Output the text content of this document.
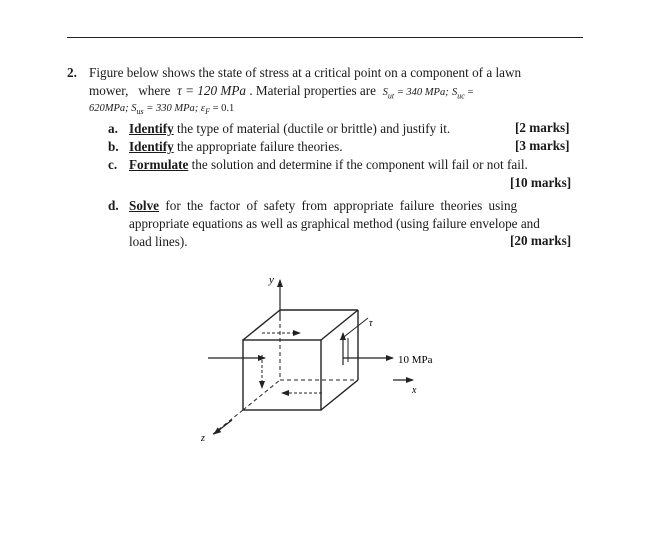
2. Figure below shows the state of stress at a critical point on a component of a lawn
mower, where τ = 120 MPa . Material properties are $S_{ut} = 340$ MPa; $S_{uc}$ =
620MPa; $S_{us} = 330$ MPa; $\varepsilon_F = 0.1$
a. Identify the type of material (ductile or brittle) and justify it.	[2 marks]
b. Identify the appropriate failure theories.	[3 marks]
c. Formulate the solution and determine if the component will fail or not fail.
[10 marks]
d. Solve for the factor of safety from appropriate failure theories using
appropriate equations as well as graphical method (using failure envelope and
load lines).	[20 marks]
y
τ
10 MPa
x
z
